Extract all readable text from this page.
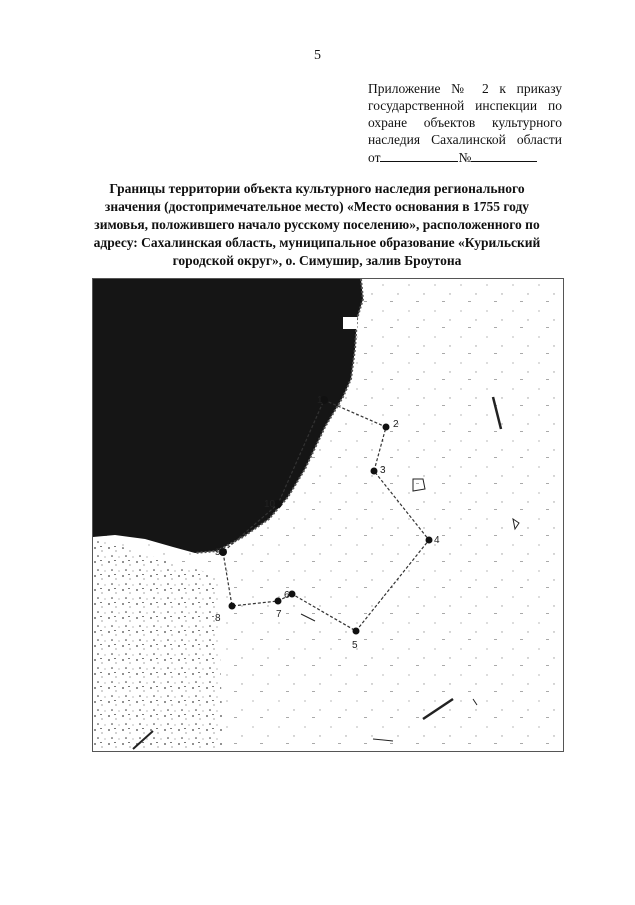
5
Приложение № 2 к приказу
государственной инспекции по
охране объектов культурного
наследия Сахалинской области
от	№
Границы территории объекта культурного наследия регионального
значения (достопримечательное место) «Место основания в 1755 году
зимовья, положившего начало русскому поселению», расположенного по
адресу: Сахалинская область, муниципальное образование «Курильский
городской округ», о. Симушир, залив Броутона
1
2
3
4
5
6
7
8
9
10
